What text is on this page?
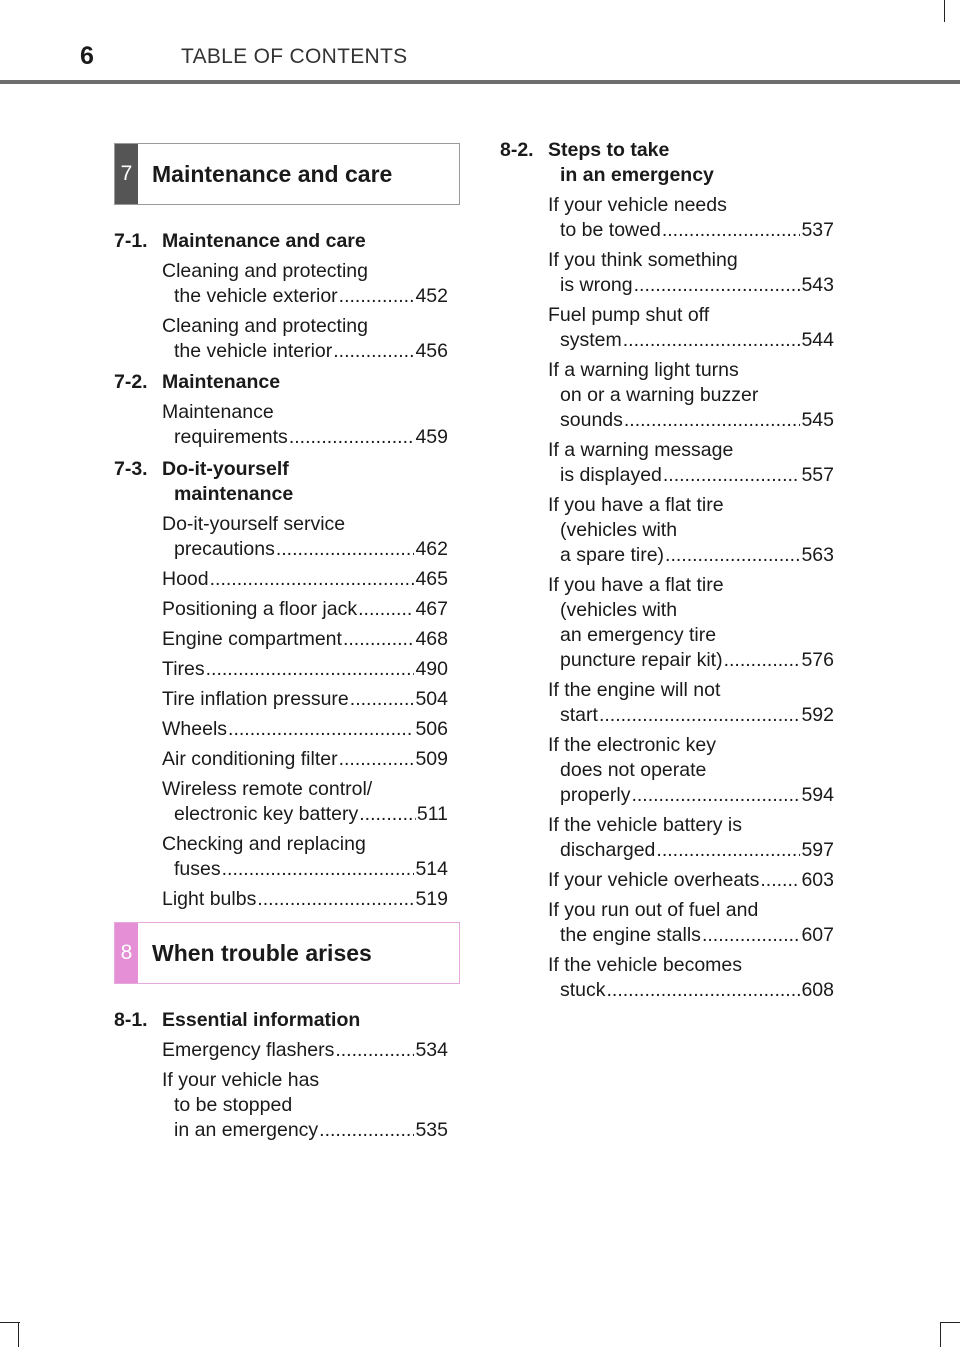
6	TABLE OF CONTENTS
7 Maintenance and care
8 When trouble arises
7-1. Maintenance and care
Cleaning and protecting
the vehicle exterior .....	452
Cleaning and protecting
the vehicle interior .....	456
7-2. Maintenance
Maintenance
requirements .....	459
7-3. Do-it-yourself
maintenance
Do-it-yourself service
precautions .....	462
Hood .....	465
Positioning a floor jack .....	467
Engine compartment .....	468
Tires .....	490
Tire inflation pressure .....	504
Wheels .....	506
Air conditioning filter .....	509
Wireless remote control/
electronic key battery .....	511
Checking and replacing
fuses .....	514
Light bulbs .....	519
8-1. Essential information
Emergency flashers .....	534
If your vehicle has
to be stopped
in an emergency .....	535
8-2. Steps to take
in an emergency
If your vehicle needs
to be towed .....	537
If you think something
is wrong .....	543
Fuel pump shut off
system .....	544
If a warning light turns
on or a warning buzzer
sounds .....	545
If a warning message
is displayed .....	557
If you have a flat tire
(vehicles with
a spare tire) .....	563
If you have a flat tire
(vehicles with
an emergency tire
puncture repair kit) .....	576
If the engine will not
start .....	592
If the electronic key
does not operate
properly .....	594
If the vehicle battery is
discharged .....	597
If your vehicle overheats ..... 603
If you run out of fuel and
the engine stalls .....	607
If the vehicle becomes
stuck .....	608
